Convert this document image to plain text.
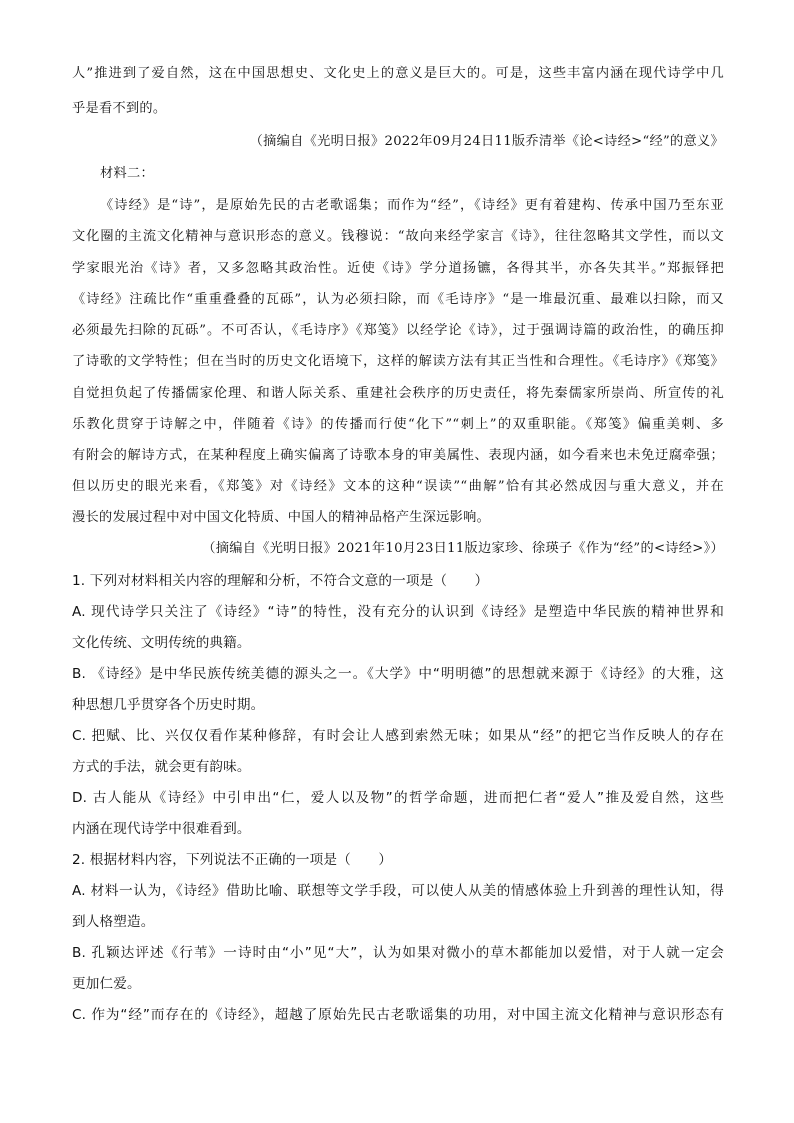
人”推进到了爱自然，这在中国思想史、文化史上的意义是巨大的。可是，这些丰富内涵在现代诗学中几
乎是看不到的。
（摘编自《光明日报》2022年09月24日11版乔清举《论<诗经>“经”的意义》
材料二：
《诗经》是“诗”，是原始先民的古老歌谣集；而作为“经”，《诗经》更有着建构、传承中国乃至东亚
文化圈的主流文化精神与意识形态的意义。钱穆说：“故向来经学家言《诗》，往往忽略其文学性，而以文
学家眼光治《诗》者，又多忽略其政治性。近使《诗》学分道扬镳，各得其半，亦各失其半。”郑振铎把
《诗经》注疏比作“重重叠叠的瓦砾”，认为必须扫除，而《毛诗序》“是一堆最沉重、最难以扫除，而又
必须最先扫除的瓦砾”。不可否认，《毛诗序》《郑笺》以经学论《诗》，过于强调诗篇的政治性，的确压抑
了诗歌的文学特性；但在当时的历史文化语境下，这样的解读方法有其正当性和合理性。《毛诗序》《郑笺》
自觉担负起了传播儒家伦理、和谐人际关系、重建社会秩序的历史责任，将先秦儒家所崇尚、所宣传的礼
乐教化贯穿于诗解之中，伴随着《诗》的传播而行使“化下”“刺上”的双重职能。《郑笺》偏重美刺、多
有附会的解诗方式，在某种程度上确实偏离了诗歌本身的审美属性、表现内涵，如今看来也未免迂腐牵强；
但以历史的眼光来看，《郑笺》对《诗经》文本的这种“误读”“曲解”恰有其必然成因与重大意义，并在
漫长的发展过程中对中国文化特质、中国人的精神品格产生深远影响。
（摘编自《光明日报》2021年10月23日11版边家珍、徐瑛子《作为“经”的<诗经>》）
1. 下列对材料相关内容的理解和分析，不符合文意的一项是（　　）
A. 现代诗学只关注了《诗经》“诗”的特性，没有充分的认识到《诗经》是塑造中华民族的精神世界和
文化传统、文明传统的典籍。
B. 《诗经》是中华民族传统美德的源头之一。《大学》中“明明德”的思想就来源于《诗经》的大雅，这
种思想几乎贯穿各个历史时期。
C. 把赋、比、兴仅仅看作某种修辞，有时会让人感到索然无味；如果从“经”的把它当作反映人的存在
方式的手法，就会更有韵味。
D. 古人能从《诗经》中引申出“仁，爱人以及物”的哲学命题，进而把仁者“爱人”推及爱自然，这些
内涵在现代诗学中很难看到。
2. 根据材料内容，下列说法不正确的一项是（　　）
A. 材料一认为，《诗经》借助比喻、联想等文学手段，可以使人从美的情感体验上升到善的理性认知，得
到人格塑造。
B. 孔颖达评述《行苇》一诗时由“小”见“大”，认为如果对微小的草木都能加以爱惜，对于人就一定会
更加仁爱。
C. 作为“经”而存在的《诗经》，超越了原始先民古老歌谣集的功用，对中国主流文化精神与意识形态有
